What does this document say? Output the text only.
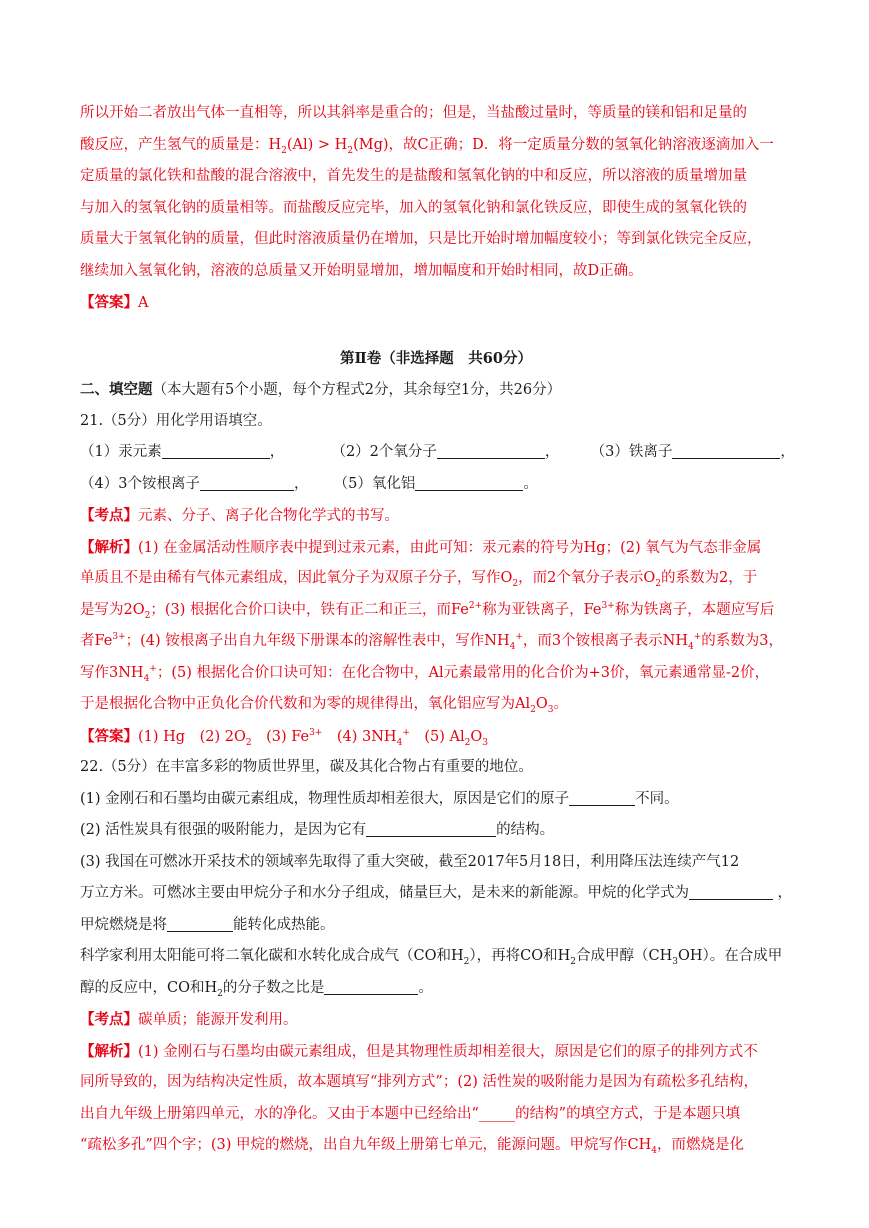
所以开始二者放出气体一直相等，所以其斜率是重合的；但是，当盐酸过量时，等质量的镁和铝和足量的
酸反应，产生氢气的质量是：$H_2(Al) > H_2(Mg)$，故C正确；D．将一定质量分数的氢氧化钠溶液逐滴加入一
定质量的氯化铁和盐酸的混合溶液中，首先发生的是盐酸和氢氧化钠的中和反应，所以溶液的质量增加量
与加入的氢氧化钠的质量相等。而盐酸反应完毕，加入的氢氧化钠和氯化铁反应，即使生成的氢氧化铁的
质量大于氢氧化钠的质量，但此时溶液质量仍在增加，只是比开始时增加幅度较小；等到氯化铁完全反应，
继续加入氢氧化钠，溶液的总质量又开始明显增加，增加幅度和开始时相同，故D正确。
【答案】A
第Ⅱ卷（非选择题　共60分）
二、填空题（本大题有5个小题，每个方程式2分，其余每空1分，共26分）
21.（5分）用化学用语填空。
（1）汞元素	，	（2）2个氧分子	， （3）铁离子	，
（4）3个铵根离子	， （5）氧化铝	。
【考点】元素、分子、离子化合物化学式的书写。
【解析】(1) 在金属活动性顺序表中提到过汞元素，由此可知：汞元素的符号为Hg；(2) 氧气为气态非金属
单质且不是由稀有气体元素组成，因此氧分子为双原子分子，写作$O_2$，而2个氧分子表示$O_2$的系数为2，于
是写为$2O_2$；(3) 根据化合价口诀中，铁有正二和正三，而$Fe^{2+}$称为亚铁离子，$Fe^{3+}$称为铁离子，本题应写后
者$Fe^{3+}$；(4) 铵根离子出自九年级下册课本的溶解性表中，写作$NH_4^+$，而3个铵根离子表示$NH_4^+$的系数为3，
写作$3NH_4^+$；(5) 根据化合价口诀可知：在化合物中，Al元素最常用的化合价为+3价，氧元素通常显-2价，
于是根据化合物中正负化合价代数和为零的规律得出，氧化铝应写为$Al_2O_3$。
【答案】(1) Hg　(2) $2O_2$　(3) $Fe^{3+}$　(4) $3NH_4^+$　(5) $Al_2O_3$
22.（5分）在丰富多彩的物质世界里，碳及其化合物占有重要的地位。
(1) 金刚石和石墨均由碳元素组成，物理性质却相差很大，原因是它们的原子	不同。
(2) 活性炭具有很强的吸附能力，是因为它有	的结构。
(3) 我国在可燃冰开采技术的领域率先取得了重大突破，截至2017年5月18日，利用降压法连续产气12
万立方米。可燃冰主要由甲烷分子和水分子组成，储量巨大，是未来的新能源。甲烷的化学式为	，
甲烷燃烧是将	能转化成热能。
科学家利用太阳能可将二氧化碳和水转化成合成气（CO和$H_2$），再将CO和$H_2$合成甲醇$(CH_3OH)$。在合成甲
醇的反应中，CO和$H_2$的分子数之比是	。
【考点】碳单质；能源开发利用。
【解析】(1) 金刚石与石墨均由碳元素组成，但是其物理性质却相差很大，原因是它们的原子的排列方式不
同所导致的，因为结构决定性质，故本题填写“排列方式”；(2) 活性炭的吸附能力是因为有疏松多孔结构，
出自九年级上册第四单元，水的净化。又由于本题中已经给出“_____的结构”的填空方式，于是本题只填
“疏松多孔”四个字；(3) 甲烷的燃烧，出自九年级上册第七单元，能源问题。甲烷写作$CH_4$，而燃烧是化
